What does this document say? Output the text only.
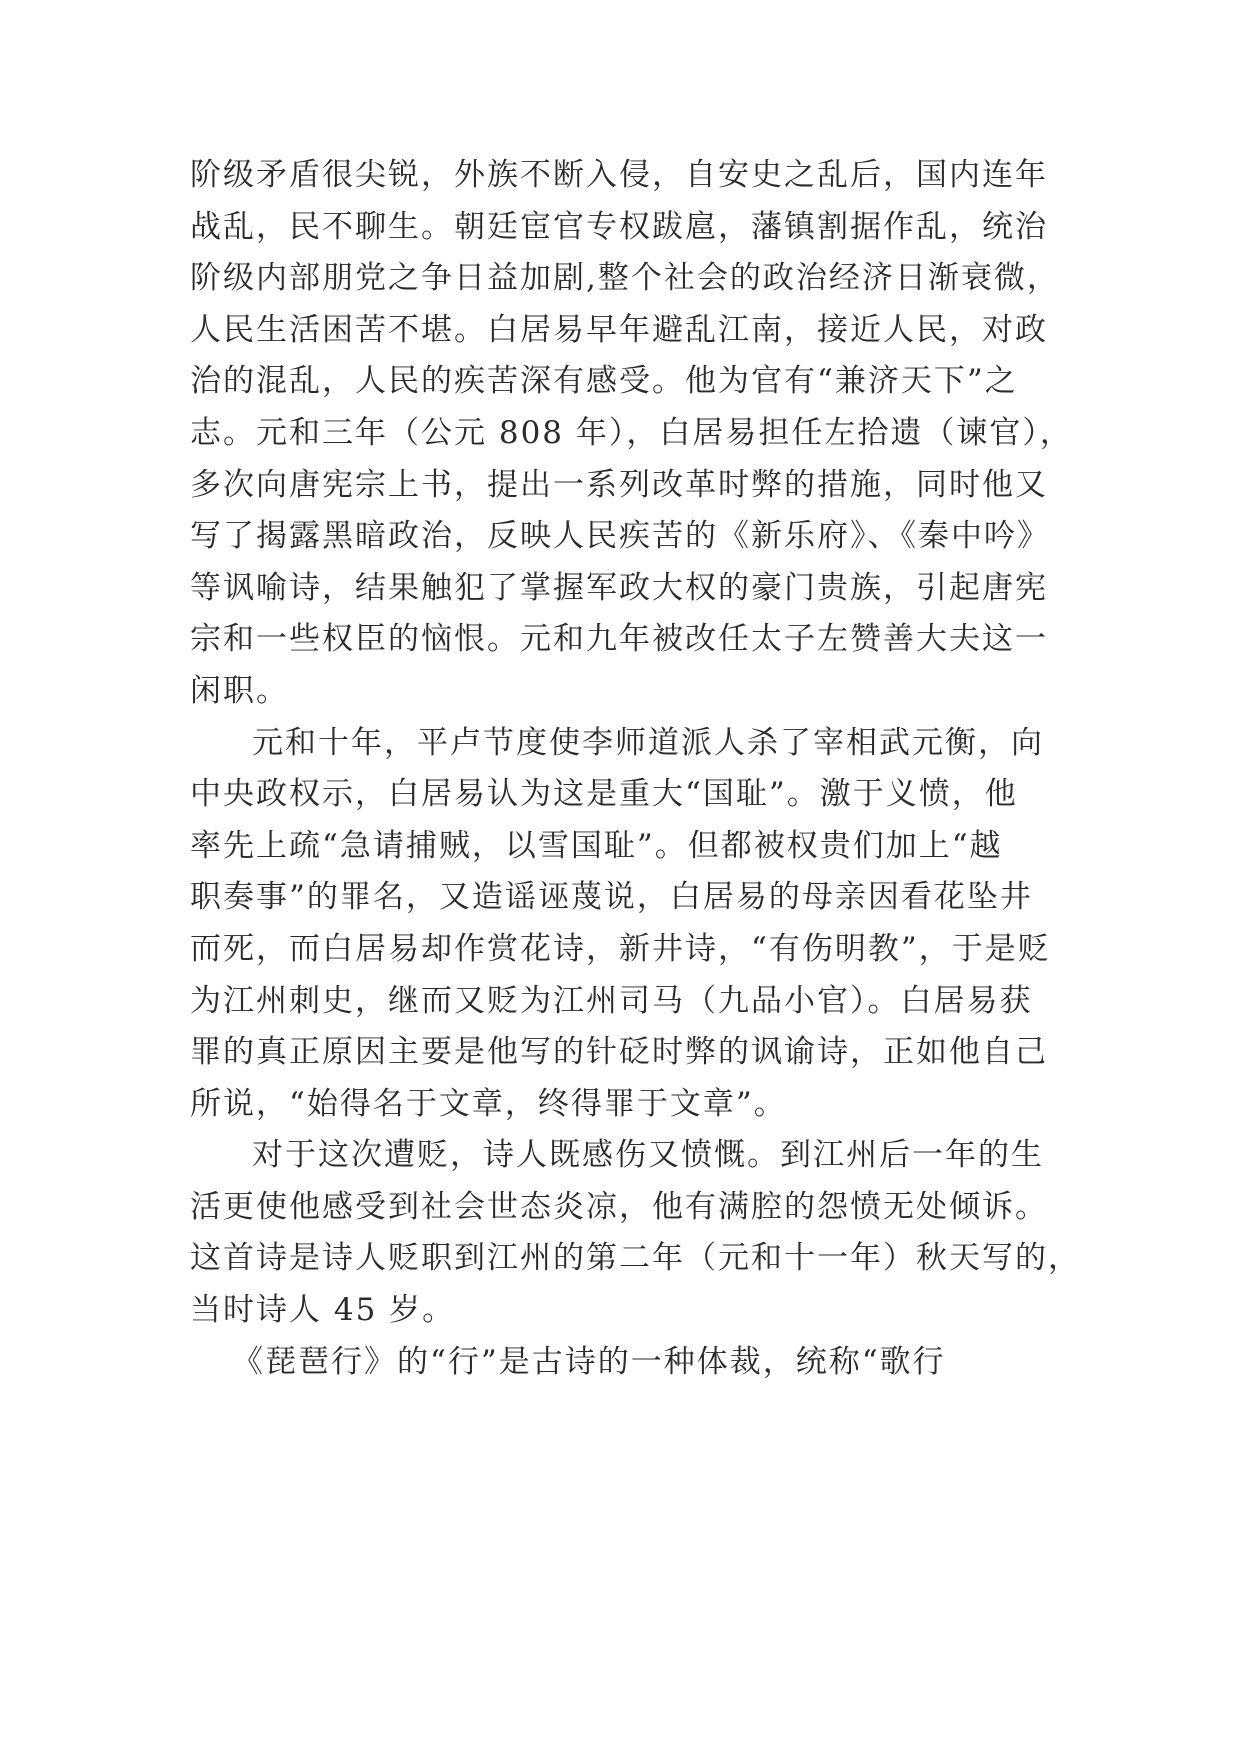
阶级矛盾很尖锐，外族不断入侵，自安史之乱后，国内连年
战乱，民不聊生。朝廷宦官专权跋扈，藩镇割据作乱，统治
阶级内部朋党之争日益加剧,整个社会的政治经济日渐衰微，
人民生活困苦不堪。白居易早年避乱江南，接近人民，对政
治的混乱，人民的疾苦深有感受。他为官有“兼济天下”之
志。元和三年（公元 808 年），白居易担任左拾遗（谏官），
多次向唐宪宗上书，提出一系列改革时弊的措施，同时他又
写了揭露黑暗政治，反映人民疾苦的《新乐府》、《秦中吟》
等讽喻诗，结果触犯了掌握军政大权的豪门贵族，引起唐宪
宗和一些权臣的恼恨。元和九年被改任太子左赞善大夫这一
闲职。
元和十年，平卢节度使李师道派人杀了宰相武元衡，向
中央政权示，白居易认为这是重大“国耻”。激于义愤，他
率先上疏“急请捕贼，以雪国耻”。但都被权贵们加上“越
职奏事”的罪名，又造谣诬蔑说，白居易的母亲因看花坠井
而死，而白居易却作赏花诗，新井诗，“有伤明教”，于是贬
为江州刺史，继而又贬为江州司马（九品小官）。白居易获
罪的真正原因主要是他写的针砭时弊的讽谕诗，正如他自己
所说，“始得名于文章，终得罪于文章”。
对于这次遭贬，诗人既感伤又愤慨。到江州后一年的生
活更使他感受到社会世态炎凉，他有满腔的怨愤无处倾诉。
这首诗是诗人贬职到江州的第二年（元和十一年）秋天写的，
当时诗人 45 岁。
《琵琶行》的“行”是古诗的一种体裁，统称“歌行
